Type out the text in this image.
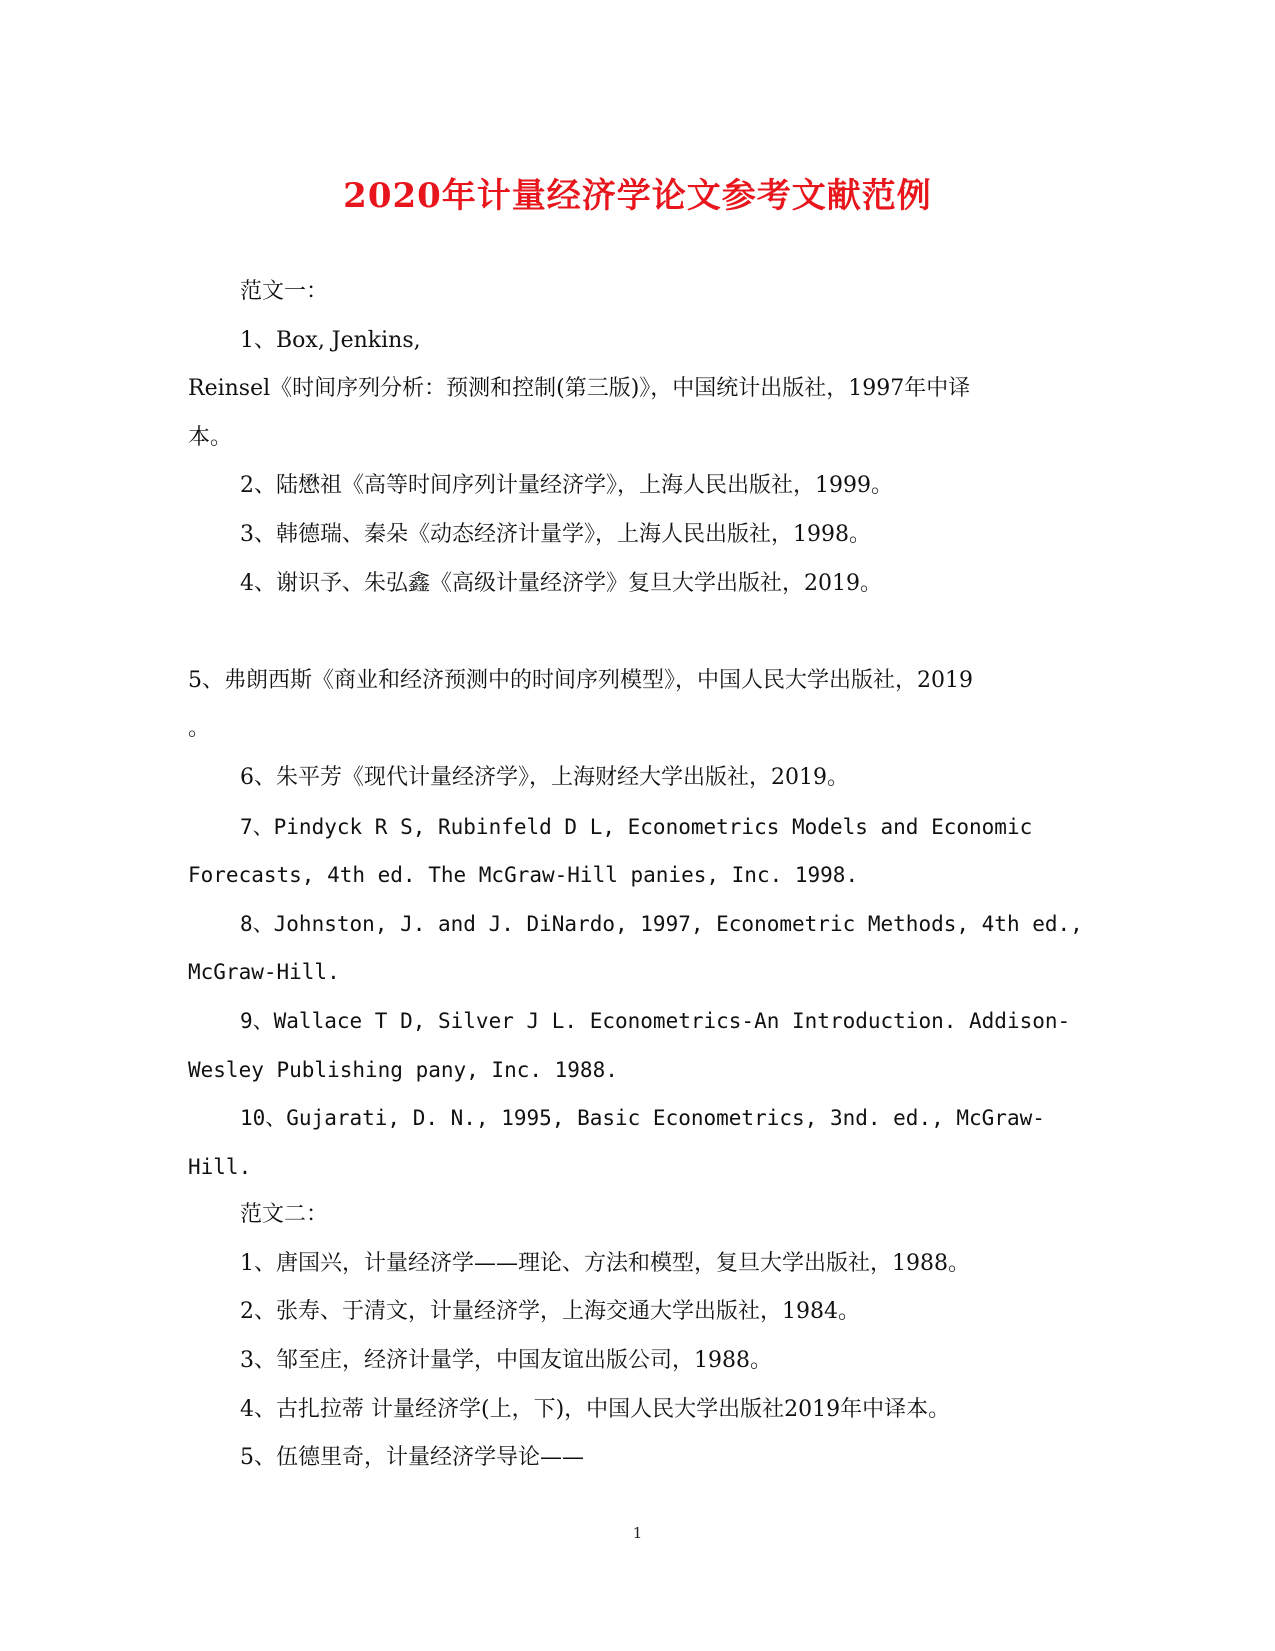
2020年计量经济学论文参考文献范例
范文一：
1、Box, Jenkins,
Reinsel《时间序列分析：预测和控制(第三版)》，中国统计出版社，1997年中译
本。
2、陆懋祖《高等时间序列计量经济学》，上海人民出版社，1999。
3、韩德瑞、秦朵《动态经济计量学》，上海人民出版社，1998。
4、谢识予、朱弘鑫《高级计量经济学》复旦大学出版社，2019。
5、弗朗西斯《商业和经济预测中的时间序列模型》，中国人民大学出版社，2019
。
6、朱平芳《现代计量经济学》，上海财经大学出版社，2019。
7、Pindyck R S, Rubinfeld D L, Econometrics Models and Economic
Forecasts, 4th ed. The McGraw-Hill panies, Inc. 1998.
8、Johnston, J. and J. DiNardo, 1997, Econometric Methods, 4th ed.,
McGraw-Hill.
9、Wallace T D, Silver J L. Econometrics-An Introduction. Addison-
Wesley Publishing pany, Inc. 1988.
10、Gujarati, D. N., 1995, Basic Econometrics, 3nd. ed., McGraw-
Hill.
范文二：
1、唐国兴，计量经济学——理论、方法和模型，复旦大学出版社，1988。
2、张寿、于清文，计量经济学，上海交通大学出版社，1984。
3、邹至庄，经济计量学，中国友谊出版公司，1988。
4、古扎拉蒂 计量经济学(上，下)，中国人民大学出版社2019年中译本。
5、伍德里奇，计量经济学导论——
1
